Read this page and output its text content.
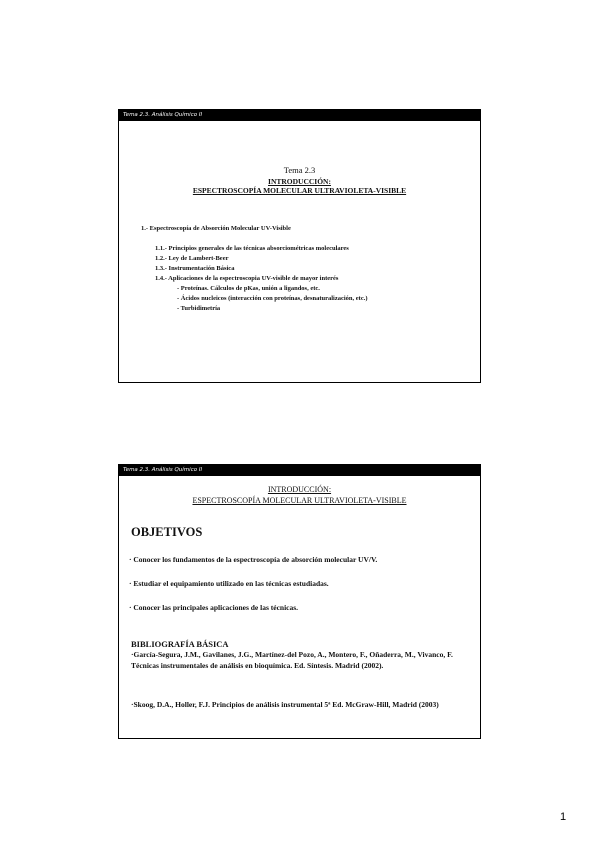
Tema 2.3. Análisis Químico II
Tema 2.3
INTRODUCCIÓN:
ESPECTROSCOPÍA MOLECULAR ULTRAVIOLETA-VISIBLE
1.- Espectroscopía de Absorción Molecular UV-Visible
1.1.- Principios generales de las técnicas absorciométricas moleculares
1.2.- Ley de Lambert-Beer
1.3.- Instrumentación Básica
1.4.- Aplicaciones de la espectroscopia UV-visible de mayor interés
- Proteínas. Cálculos de pKas, unión a ligandos, etc.
- Ácidos nucleicos (interacción con proteínas, desnaturalización, etc.)
- Turbidimetría
Tema 2.3. Análisis Químico II
INTRODUCCIÓN:
ESPECTROSCOPÍA MOLECULAR ULTRAVIOLETA-VISIBLE
OBJETIVOS
· Conocer los fundamentos de la espectroscopía de absorción molecular UV/V.
· Estudiar el equipamiento utilizado en las técnicas estudiadas.
· Conocer las principales aplicaciones de las técnicas.
BIBLIOGRAFÍA BÁSICA
·García-Segura, J.M., Gavilanes, J.G., Martínez-del Pozo, A., Montero, F., Oñaderra, M., Vivanco, F. Técnicas instrumentales de análisis en bioquímica. Ed. Síntesis. Madrid (2002).
·Skoog, D.A., Holler, F.J. Principios de análisis instrumental 5ª Ed. McGraw-Hill, Madrid (2003)
1
